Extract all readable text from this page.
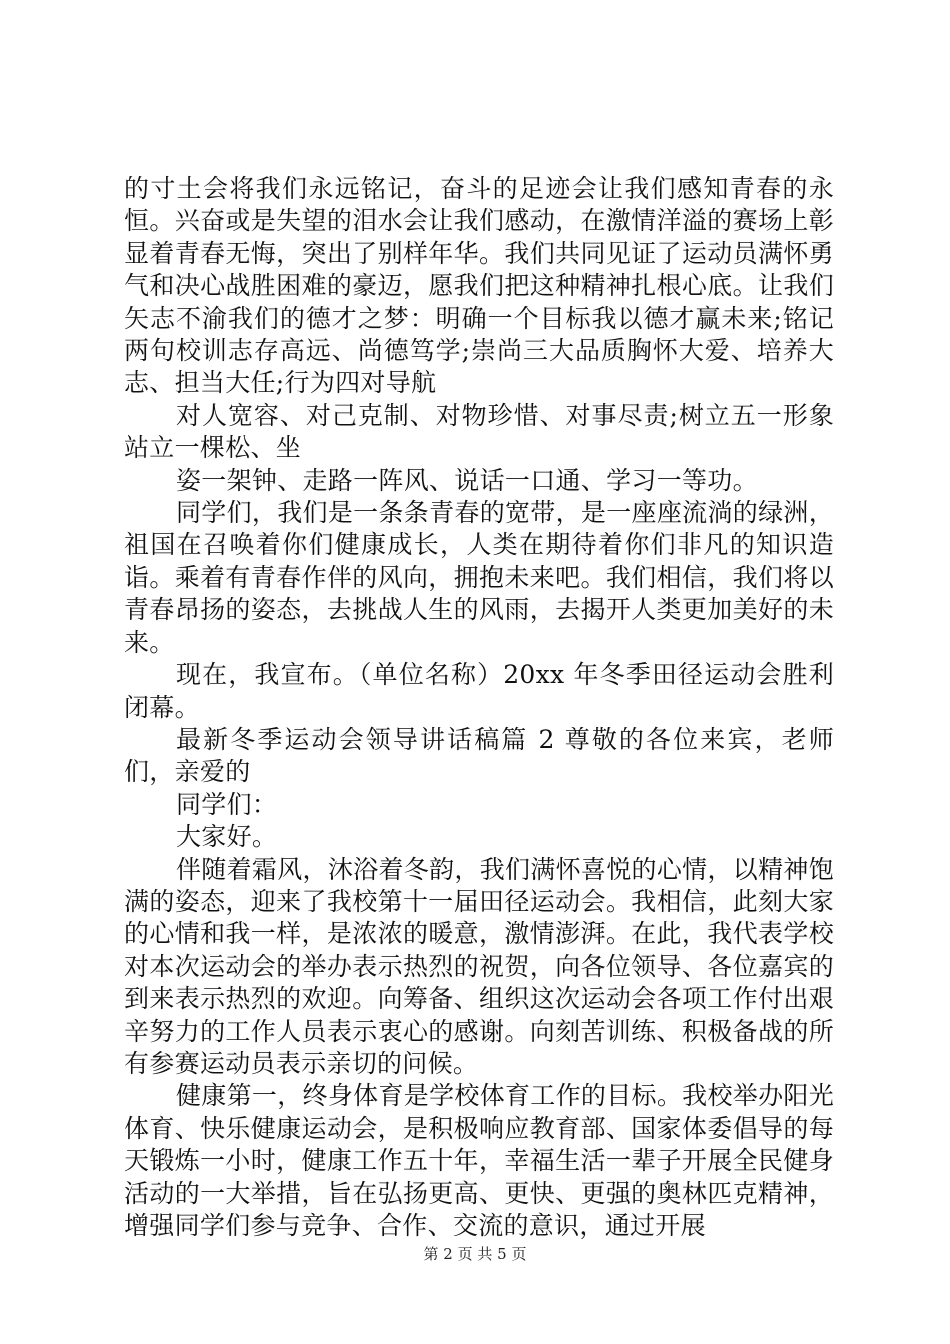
的寸土会将我们永远铭记，奋斗的足迹会让我们感知青春的永恒。兴奋或是失望的泪水会让我们感动，在激情洋溢的赛场上彰显着青春无悔，突出了别样年华。我们共同见证了运动员满怀勇气和决心战胜困难的豪迈，愿我们把这种精神扎根心底。让我们矢志不渝我们的德才之梦：明确一个目标我以德才赢未来;铭记两句校训志存高远、尚德笃学;崇尚三大品质胸怀大爱、培养大志、担当大任;行为四对导航

对人宽容、对己克制、对物珍惜、对事尽责;树立五一形象站立一棵松、坐

姿一架钟、走路一阵风、说话一口通、学习一等功。

同学们，我们是一条条青春的宽带，是一座座流淌的绿洲，祖国在召唤着你们健康成长，人类在期待着你们非凡的知识造诣。乘着有青春作伴的风向，拥抱未来吧。我们相信，我们将以青春昂扬的姿态，去挑战人生的风雨，去揭开人类更加美好的未来。

现在，我宣布。（单位名称）20xx 年冬季田径运动会胜利闭幕。

最新冬季运动会领导讲话稿篇 2 尊敬的各位来宾，老师们，亲爱的

同学们：

大家好。

伴随着霜风，沐浴着冬韵，我们满怀喜悦的心情，以精神饱满的姿态，迎来了我校第十一届田径运动会。我相信，此刻大家的心情和我一样，是浓浓的暖意，激情澎湃。在此，我代表学校对本次运动会的举办表示热烈的祝贺，向各位领导、各位嘉宾的到来表示热烈的欢迎。向筹备、组织这次运动会各项工作付出艰辛努力的工作人员表示衷心的感谢。向刻苦训练、积极备战的所有参赛运动员表示亲切的问候。

健康第一，终身体育是学校体育工作的目标。我校举办阳光体育、快乐健康运动会，是积极响应教育部、国家体委倡导的每天锻炼一小时，健康工作五十年，幸福生活一辈子开展全民健身活动的一大举措，旨在弘扬更高、更快、更强的奥林匹克精神，增强同学们参与竞争、合作、交流的意识，通过开展

第 2 页 共 5 页
